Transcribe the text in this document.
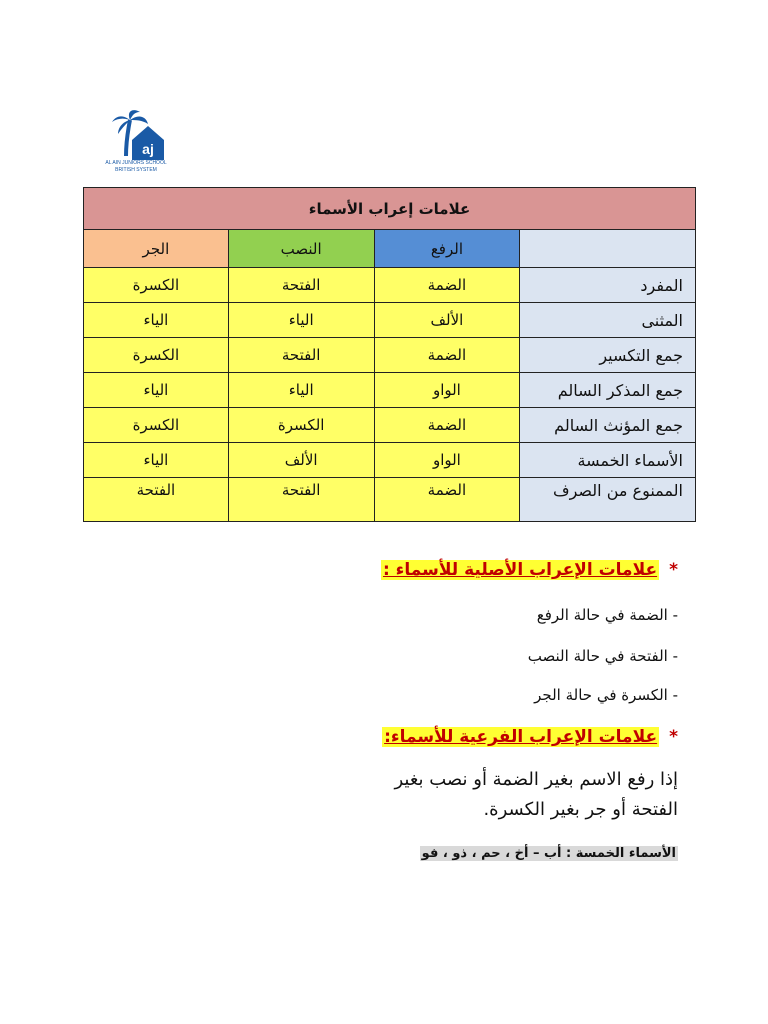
aj
AL AIN JUNIORS SCHOOL
BRITISH SYSTEM
علامات إعراب الأسماء			
	الرفع	النصب	الجر
المفرد	الضمة	الفتحة	الكسرة
المثنى	الألف	الياء	الياء
جمع التكسير	الضمة	الفتحة	الكسرة
جمع المذكر السالم	الواو	الياء	الياء
جمع المؤنث السالم	الضمة	الكسرة	الكسرة
الأسماء الخمسة	الواو	الألف	الياء
الممنوع من الصرف	الضمة	الفتحة	الفتحة
*علامات الإعراب الأصلية للأسماء :
- الضمة في حالة الرفع
- الفتحة في حالة النصب
- الكسرة في حالة الجر
*علامات الإعراب الفرعية للأسماء:
إذا رفع الاسم بغير الضمة أو نصب بغير الفتحة أو جر بغير الكسرة.
الأسماء الخمسة : أب – أخ ، حم ، ذو ، فو
